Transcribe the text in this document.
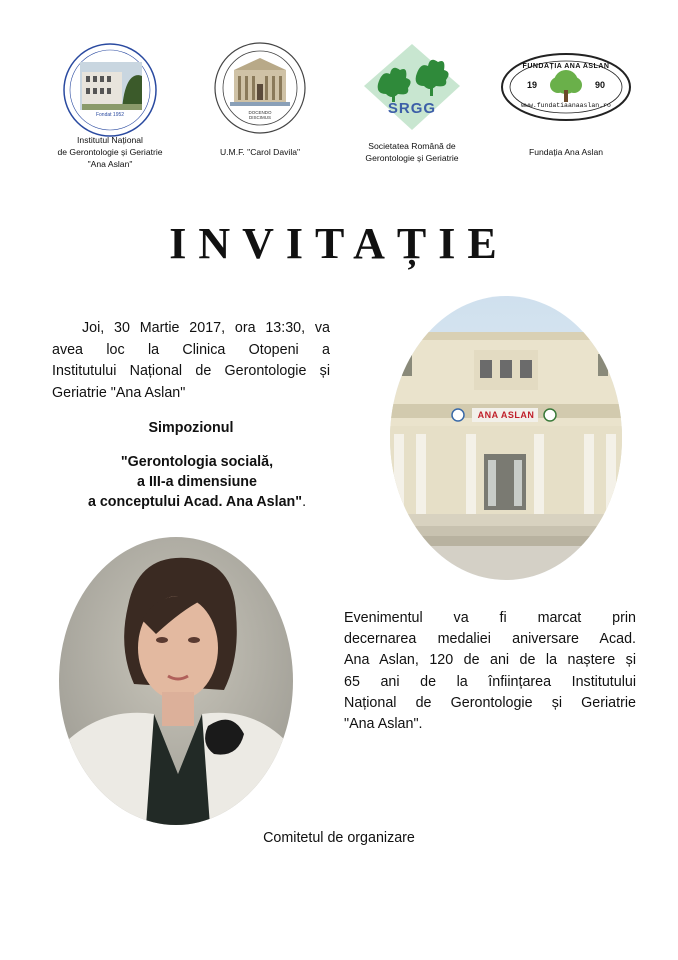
Fondat 1952
Institutul Național
de Gerontologie și Geriatrie
"Ana Aslan"
DOCENDO DISCIMUS
U.M.F. "Carol Davila"
SRGG
Societatea Română de
Gerontologie și Geriatrie
FUNDAȚIA ANA ASLAN
19	90
www.fundatiaanaaslan.ro
Fundația Ana Aslan
INVITAȚIE
Joi, 30 Martie 2017, ora 13:30, va
avea loc la Clinica Otopeni a
Institutului Național de Gerontologie și
Geriatrie "Ana Aslan"
Simpozionul
"Gerontologia socială,
a III-a dimensiune
a conceptului Acad. Ana Aslan".
ANA ASLAN
Evenimentul va fi marcat prin
decernarea medaliei aniversare Acad.
Ana Aslan, 120 de ani de la naștere și
65 ani de la înființarea Institutului
Național de Gerontologie și Geriatrie
"Ana Aslan".
Comitetul de organizare
